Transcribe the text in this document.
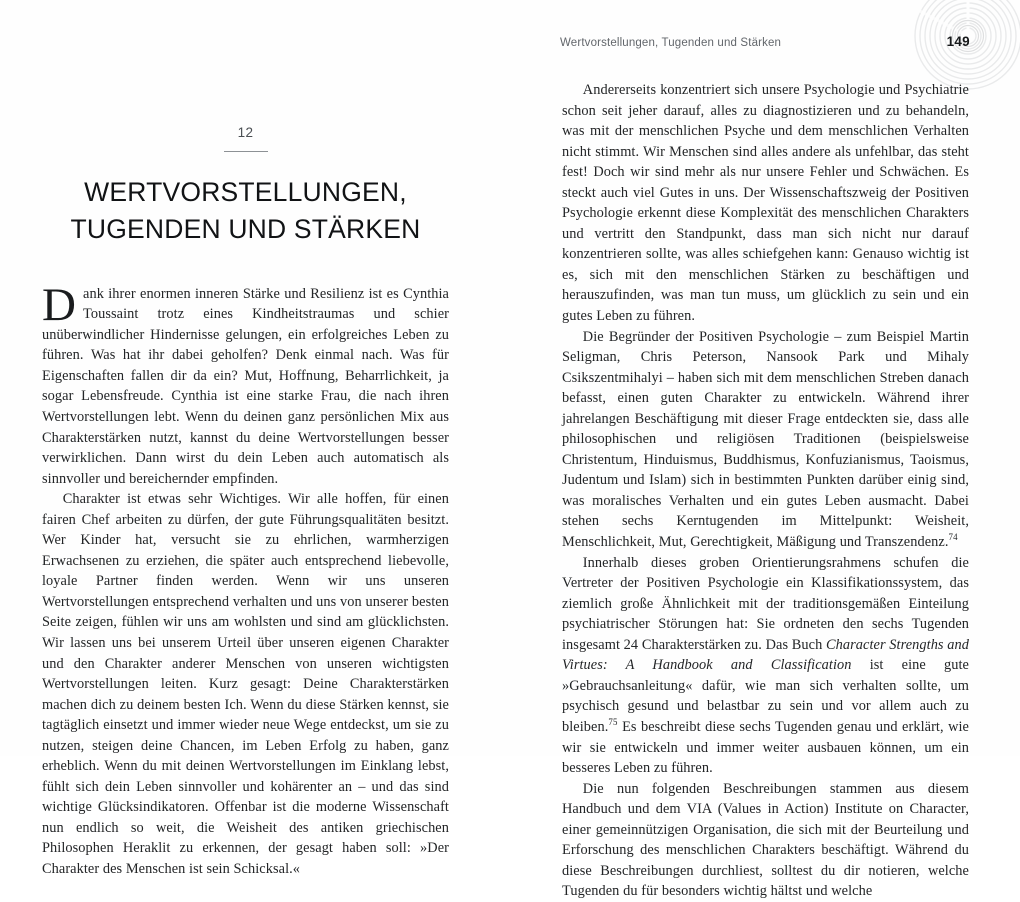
Wertvorstellungen, Tugenden und Stärken	149
12
WERTVORSTELLUNGEN,
TUGENDEN UND STÄRKEN

Dank ihrer enormen inneren Stärke und Resilienz ist es Cynthia Toussaint trotz eines Kindheitstraumas und schier unüberwindlicher Hindernisse gelungen, ein erfolgreiches Leben zu führen. Was hat ihr dabei geholfen? Denk einmal nach. Was für Eigenschaften fallen dir da ein? Mut, Hoffnung, Beharrlichkeit, ja sogar Lebensfreude. Cynthia ist eine starke Frau, die nach ihren Wertvorstellungen lebt. Wenn du deinen ganz persönlichen Mix aus Charakterstärken nutzt, kannst du deine Wertvorstellungen besser verwirklichen. Dann wirst du dein Leben auch automatisch als sinnvoller und bereichernder empfinden.

Charakter ist etwas sehr Wichtiges. Wir alle hoffen, für einen fairen Chef arbeiten zu dürfen, der gute Führungsqualitäten besitzt. Wer Kinder hat, versucht sie zu ehrlichen, warmherzigen Erwachsenen zu erziehen, die später auch entsprechend liebevolle, loyale Partner finden werden. Wenn wir uns unseren Wertvorstellungen entsprechend verhalten und uns von unserer besten Seite zeigen, fühlen wir uns am wohlsten und sind am glücklichsten. Wir lassen uns bei unserem Urteil über unseren eigenen Charakter und den Charakter anderer Menschen von unseren wichtigsten Wertvorstellungen leiten. Kurz gesagt: Deine Charakterstärken machen dich zu deinem besten Ich. Wenn du diese Stärken kennst, sie tagtäglich einsetzt und immer wieder neue Wege entdeckst, um sie zu nutzen, steigen deine Chancen, im Leben Erfolg zu haben, ganz erheblich. Wenn du mit deinen Wertvorstellungen im Einklang lebst, fühlt sich dein Leben sinnvoller und kohärenter an – und das sind wichtige Glücksindikatoren. Offenbar ist die moderne Wissenschaft nun endlich so weit, die Weisheit des antiken griechischen Philosophen Heraklit zu erkennen, der gesagt haben soll: »Der Charakter des Menschen ist sein Schicksal.«

Andererseits konzentriert sich unsere Psychologie und Psychiatrie schon seit jeher darauf, alles zu diagnostizieren und zu behandeln, was mit der menschlichen Psyche und dem menschlichen Verhalten nicht stimmt. Wir Menschen sind alles andere als unfehlbar, das steht fest! Doch wir sind mehr als nur unsere Fehler und Schwächen. Es steckt auch viel Gutes in uns. Der Wissenschaftszweig der Positiven Psychologie erkennt diese Komplexität des menschlichen Charakters und vertritt den Standpunkt, dass man sich nicht nur darauf konzentrieren sollte, was alles schiefgehen kann: Genauso wichtig ist es, sich mit den menschlichen Stärken zu beschäftigen und herauszufinden, was man tun muss, um glücklich zu sein und ein gutes Leben zu führen.

Die Begründer der Positiven Psychologie – zum Beispiel Martin Seligman, Chris Peterson, Nansook Park und Mihaly Csikszentmihalyi – haben sich mit dem menschlichen Streben danach befasst, einen guten Charakter zu entwickeln. Während ihrer jahrelangen Beschäftigung mit dieser Frage entdeckten sie, dass alle philosophischen und religiösen Traditionen (beispielsweise Christentum, Hinduismus, Buddhismus, Konfuzianismus, Taoismus, Judentum und Islam) sich in bestimmten Punkten darüber einig sind, was moralisches Verhalten und ein gutes Leben ausmacht. Dabei stehen sechs Kerntugenden im Mittelpunkt: Weisheit, Menschlichkeit, Mut, Gerechtigkeit, Mäßigung und Transzendenz.$^{74}$

Innerhalb dieses groben Orientierungsrahmens schufen die Vertreter der Positiven Psychologie ein Klassifikationssystem, das ziemlich große Ähnlichkeit mit der traditionsgemäßen Einteilung psychiatrischer Störungen hat: Sie ordneten den sechs Tugenden insgesamt 24 Charakterstärken zu. Das Buch Character Strengths and Virtues: A Handbook and Classification ist eine gute »Gebrauchsanleitung« dafür, wie man sich verhalten sollte, um psychisch gesund und belastbar zu sein und vor allem auch zu bleiben.$^{75}$ Es beschreibt diese sechs Tugenden genau und erklärt, wie wir sie entwickeln und immer weiter ausbauen können, um ein besseres Leben zu führen.

Die nun folgenden Beschreibungen stammen aus diesem Handbuch und dem VIA (Values in Action) Institute on Character, einer gemeinnützigen Organisation, die sich mit der Beurteilung und Erforschung des menschlichen Charakters beschäftigt. Während du diese Beschreibungen durchliest, solltest du dir notieren, welche Tugenden du für besonders wichtig hältst und welche
